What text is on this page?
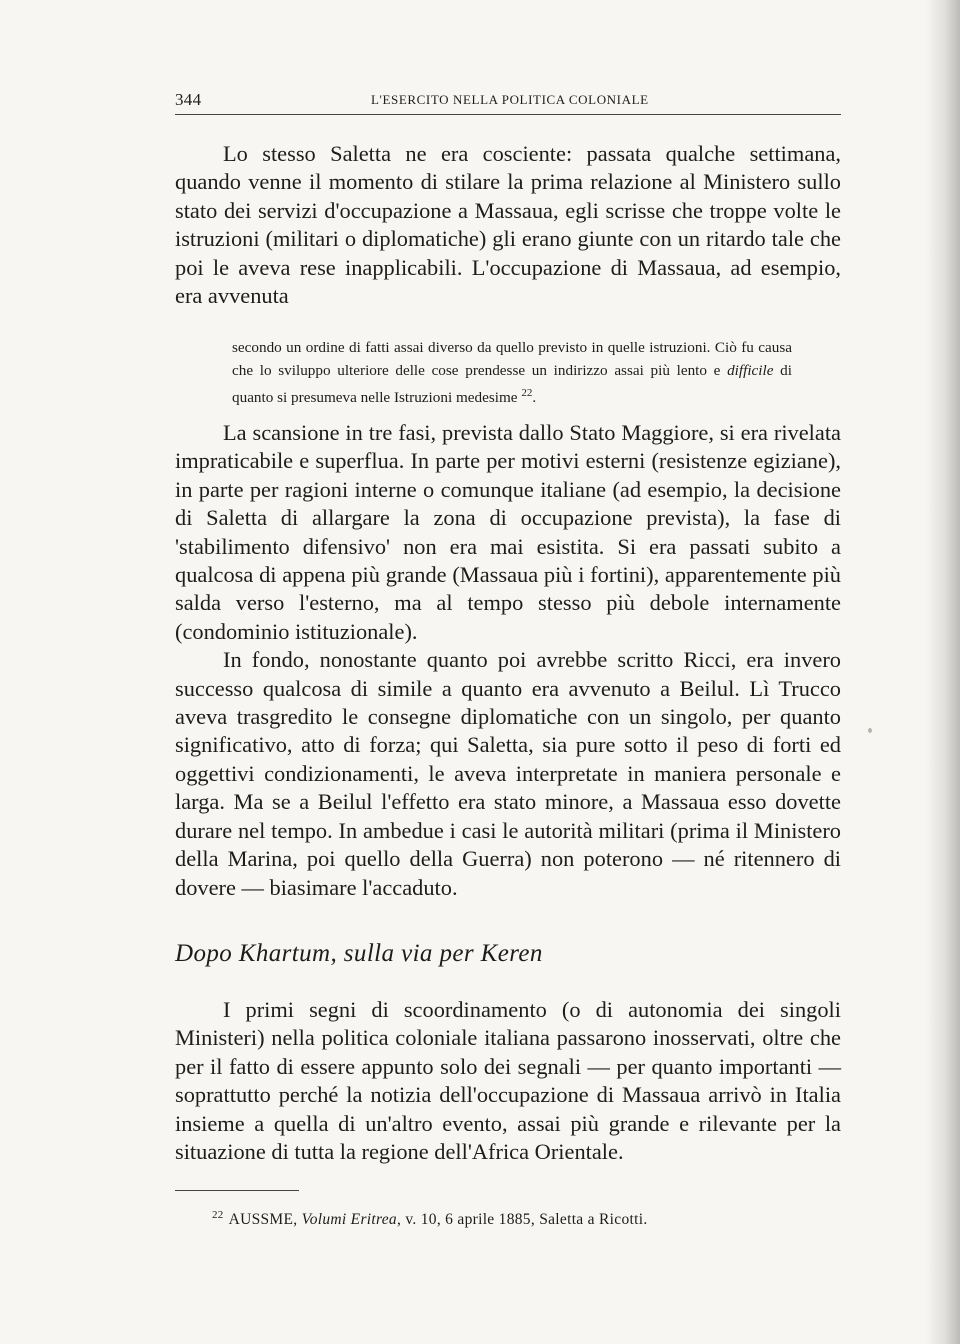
344	L'ESERCITO NELLA POLITICA COLONIALE

Lo stesso Saletta ne era cosciente: passata qualche settimana, quando venne il momento di stilare la prima relazione al Ministero sullo stato dei servizi d'occupazione a Massaua, egli scrisse che troppe volte le istruzioni (militari o diplomatiche) gli erano giunte con un ritardo tale che poi le aveva rese inapplicabili. L'occupazione di Massaua, ad esempio, era avvenuta

secondo un ordine di fatti assai diverso da quello previsto in quelle istruzioni. Ciò fu causa che lo sviluppo ulteriore delle cose prendesse un indirizzo assai più lento e difficile di quanto si presumeva nelle Istruzioni medesime $^{22}$.

La scansione in tre fasi, prevista dallo Stato Maggiore, si era rivelata impraticabile e superflua. In parte per motivi esterni (resistenze egiziane), in parte per ragioni interne o comunque italiane (ad esempio, la decisione di Saletta di allargare la zona di occupazione prevista), la fase di 'stabilimento difensivo' non era mai esistita. Si era passati subito a qualcosa di appena più grande (Massaua più i fortini), apparentemente più salda verso l'esterno, ma al tempo stesso più debole internamente (condominio istituzionale).

In fondo, nonostante quanto poi avrebbe scritto Ricci, era invero successo qualcosa di simile a quanto era avvenuto a Beilul. Lì Trucco aveva trasgredito le consegne diplomatiche con un singolo, per quanto significativo, atto di forza; qui Saletta, sia pure sotto il peso di forti ed oggettivi condizionamenti, le aveva interpretate in maniera personale e larga. Ma se a Beilul l'effetto era stato minore, a Massaua esso dovette durare nel tempo. In ambedue i casi le autorità militari (prima il Ministero della Marina, poi quello della Guerra) non poterono — né ritennero di dovere — biasimare l'accaduto.

Dopo Khartum, sulla via per Keren

I primi segni di scoordinamento (o di autonomia dei singoli Ministeri) nella politica coloniale italiana passarono inosservati, oltre che per il fatto di essere appunto solo dei segnali — per quanto importanti — soprattutto perché la notizia dell'occupazione di Massaua arrivò in Italia insieme a quella di un'altro evento, assai più grande e rilevante per la situazione di tutta la regione dell'Africa Orientale.

$^{22}$ AUSSME, Volumi Eritrea, v. 10, 6 aprile 1885, Saletta a Ricotti.
